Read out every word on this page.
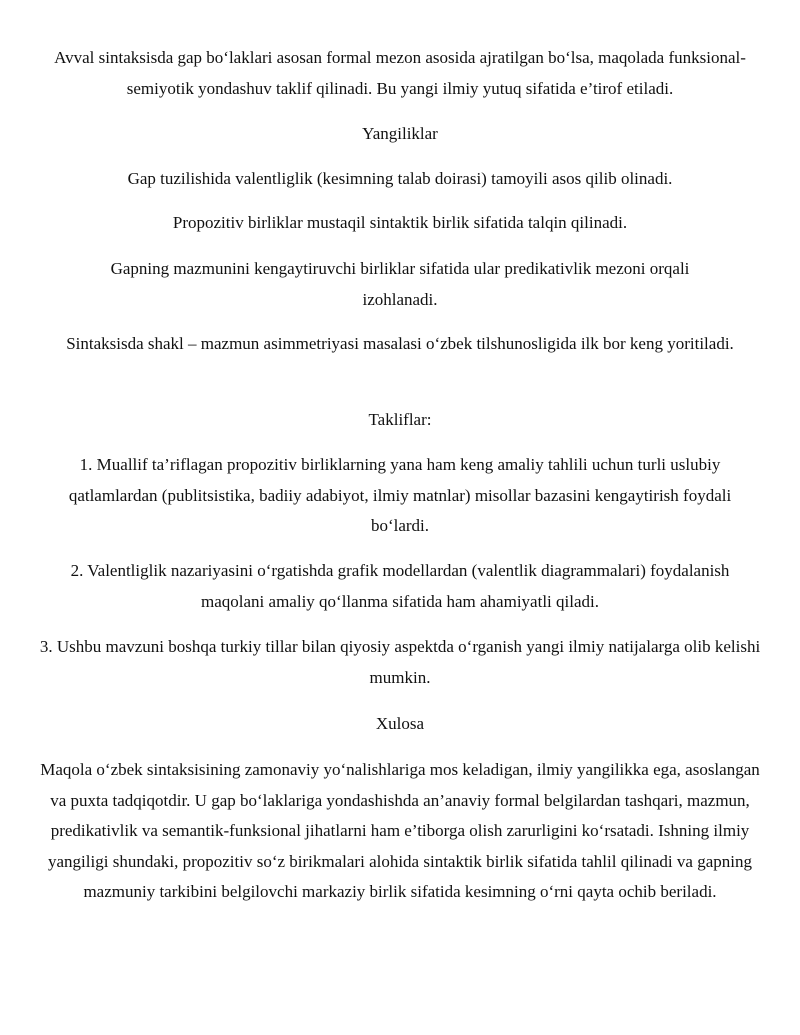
Avval sintaksisda gap bo‘laklari asosan formal mezon asosida ajratilgan bo‘lsa, maqolada funksional-semiyotik yondashuv taklif qilinadi. Bu yangi ilmiy yutuq sifatida e’tirof etiladi.

Yangiliklar

Gap tuzilishida valentliglik (kesimning talab doirasi) tamoyili asos qilib olinadi.

Propozitiv birliklar mustaqil sintaktik birlik sifatida talqin qilinadi.

Gapning mazmunini kengaytiruvchi birliklar sifatida ular predikativlik mezoni orqali izohlanadi.

Sintaksisda shakl – mazmun asimmetriyasi masalasi o‘zbek tilshunosligida ilk bor keng yoritiladi.

Takliflar:

1. Muallif ta’riflagan propozitiv birliklarning yana ham keng amaliy tahlili uchun turli uslubiy qatlamlardan (publitsistika, badiiy adabiyot, ilmiy matnlar) misollar bazasini kengaytirish foydali bo‘lardi.

2. Valentliglik nazariyasini o‘rgatishda grafik modellardan (valentlik diagrammalari) foydalanish maqolani amaliy qo‘llanma sifatida ham ahamiyatli qiladi.

3. Ushbu mavzuni boshqa turkiy tillar bilan qiyosiy aspektda o‘rganish yangi ilmiy natijalarga olib kelishi mumkin.

Xulosa

Maqola o‘zbek sintaksisining zamonaviy yo‘nalishlariga mos keladigan, ilmiy yangilikka ega, asoslangan va puxta tadqiqotdir. U gap bo‘laklariga yondashishda an’anaviy formal belgilardan tashqari, mazmun, predikativlik va semantik-funksional jihatlarni ham e’tiborga olish zarurligini ko‘rsatadi. Ishning ilmiy yangiligi shundaki, propozitiv so‘z birikmalari alohida sintaktik birlik sifatida tahlil qilinadi va gapning mazmuniy tarkibini belgilovchi markaziy birlik sifatida kesimning o‘rni qayta ochib beriladi.
